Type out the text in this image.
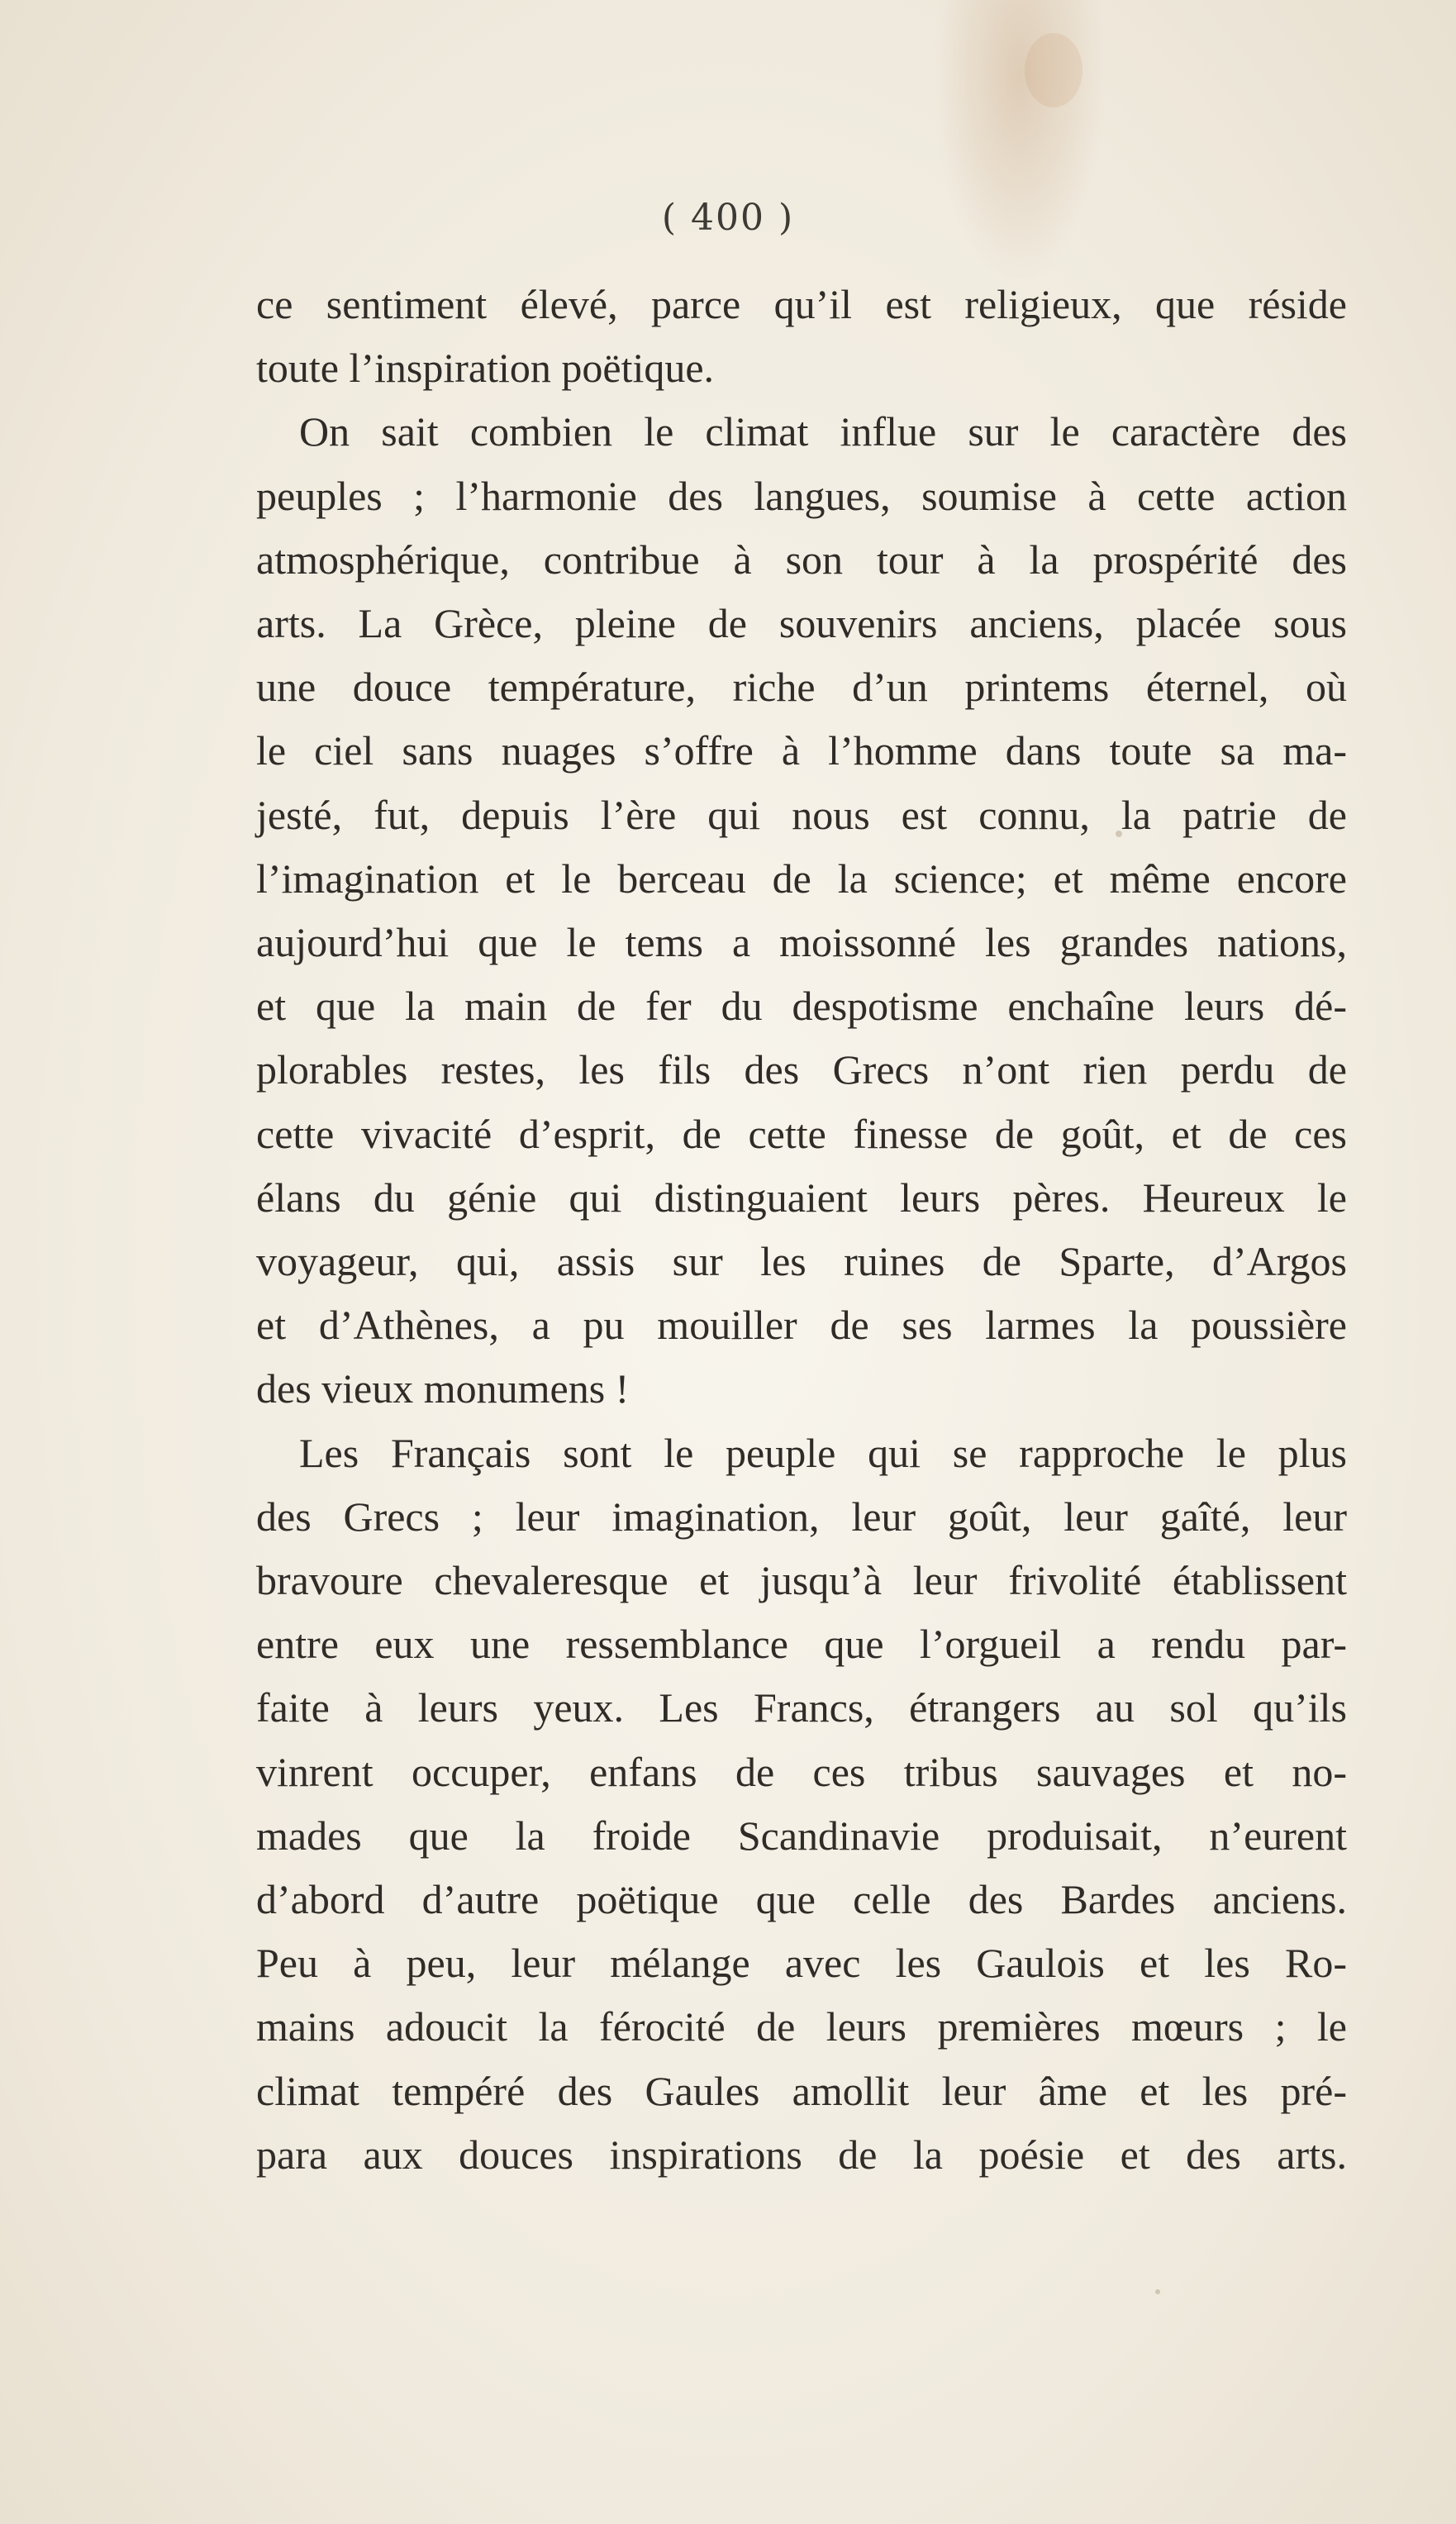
( 400 )
ce sentiment élevé, parce qu’il est religieux, que réside
toute l’inspiration poëtique.
On sait combien le climat influe sur le caractère des
peuples ; l’harmonie des langues, soumise à cette action
atmosphérique, contribue à son tour à la prospérité des
arts. La Grèce, pleine de souvenirs anciens, placée sous
une douce température, riche d’un printems éternel, où
le ciel sans nuages s’offre à l’homme dans toute sa ma-
jesté, fut, depuis l’ère qui nous est connu, la patrie de
l’imagination et le berceau de la science; et même encore
aujourd’hui que le tems a moissonné les grandes nations,
et que la main de fer du despotisme enchaîne leurs dé-
plorables restes, les fils des Grecs n’ont rien perdu de
cette vivacité d’esprit, de cette finesse de goût, et de ces
élans du génie qui distinguaient leurs pères. Heureux le
voyageur, qui, assis sur les ruines de Sparte, d’Argos
et d’Athènes, a pu mouiller de ses larmes la poussière
des vieux monumens !
Les Français sont le peuple qui se rapproche le plus
des Grecs ; leur imagination, leur goût, leur gaîté, leur
bravoure chevaleresque et jusqu’à leur frivolité établissent
entre eux une ressemblance que l’orgueil a rendu par-
faite à leurs yeux. Les Francs, étrangers au sol qu’ils
vinrent occuper, enfans de ces tribus sauvages et no-
mades que la froide Scandinavie produisait, n’eurent
d’abord d’autre poëtique que celle des Bardes anciens.
Peu à peu, leur mélange avec les Gaulois et les Ro-
mains adoucit la férocité de leurs premières mœurs ; le
climat tempéré des Gaules amollit leur âme et les pré-
para aux douces inspirations de la poésie et des arts.
